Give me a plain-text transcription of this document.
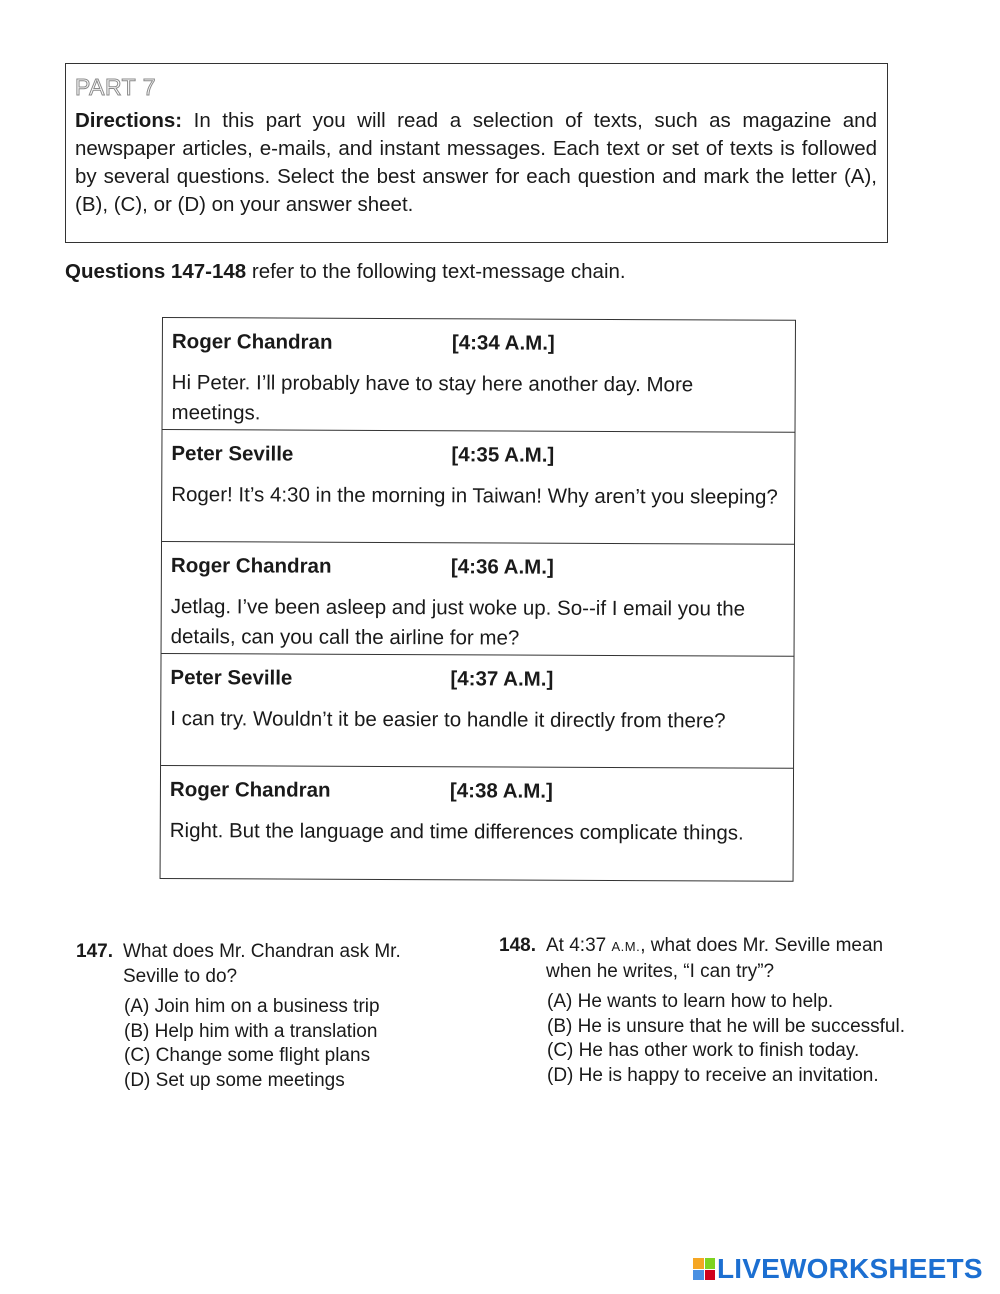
PART 7

Directions: In this part you will read a selection of texts, such as magazine and newspaper articles, e-mails, and instant messages. Each text or set of texts is followed by several questions. Select the best answer for each question and mark the letter (A), (B), (C), or (D) on your answer sheet.

Questions 147-148 refer to the following text-message chain.

Roger Chandran	[4:34 A.M.]
Hi Peter. I’ll probably have to stay here another day. More meetings.
Peter Seville	[4:35 A.M.]
Roger! It’s 4:30 in the morning in Taiwan! Why aren’t you sleeping?
Roger Chandran	[4:36 A.M.]
Jetlag. I’ve been asleep and just woke up. So--if I email you the details, can you call the airline for me?
Peter Seville	[4:37 A.M.]
I can try. Wouldn’t it be easier to handle it directly from there?
Roger Chandran	[4:38 A.M.]
Right. But the language and time differences complicate things.
147. What does Mr. Chandran ask Mr. Seville to do?
(A) Join him on a business trip
(B) Help him with a translation
(C) Change some flight plans
(D) Set up some meetings
148. At 4:37 A.M., what does Mr. Seville mean when he writes, “I can try”?
(A) He wants to learn how to help.
(B) He is unsure that he will be successful.
(C) He has other work to finish today.
(D) He is happy to receive an invitation.
LIVEWORKSHEETS
